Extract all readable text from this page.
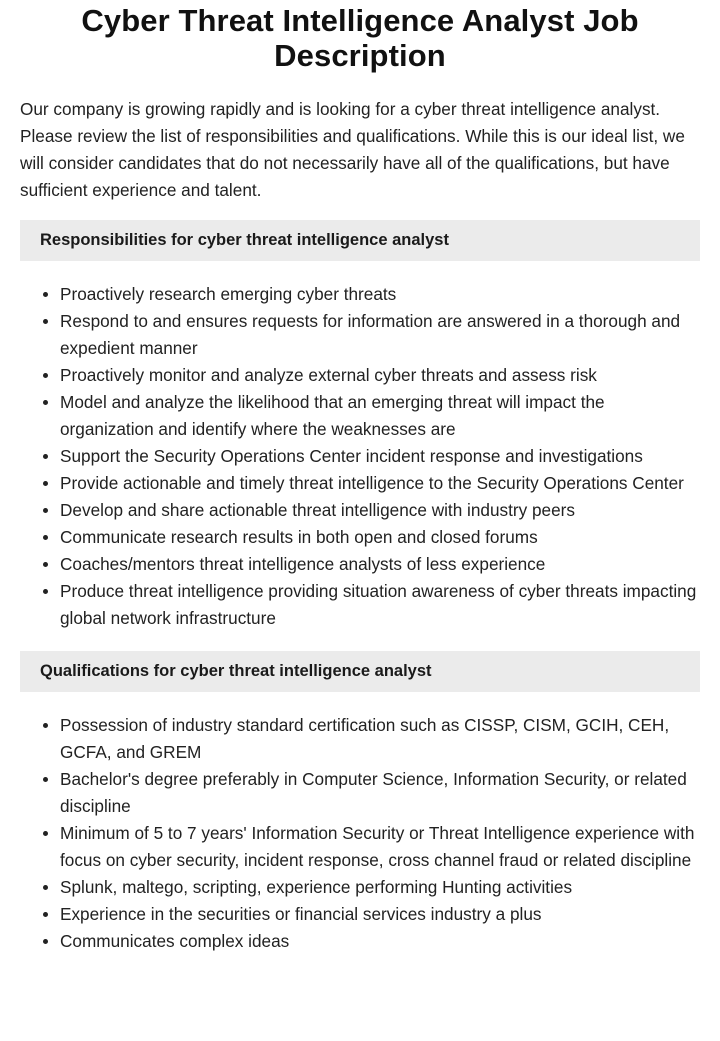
Cyber Threat Intelligence Analyst Job Description

Our company is growing rapidly and is looking for a cyber threat intelligence analyst. Please review the list of responsibilities and qualifications. While this is our ideal list, we will consider candidates that do not necessarily have all of the qualifications, but have sufficient experience and talent.

Responsibilities for cyber threat intelligence analyst
Proactively research emerging cyber threats
Respond to and ensures requests for information are answered in a thorough and expedient manner
Proactively monitor and analyze external cyber threats and assess risk
Model and analyze the likelihood that an emerging threat will impact the organization and identify where the weaknesses are
Support the Security Operations Center incident response and investigations
Provide actionable and timely threat intelligence to the Security Operations Center
Develop and share actionable threat intelligence with industry peers
Communicate research results in both open and closed forums
Coaches/mentors threat intelligence analysts of less experience
Produce threat intelligence providing situation awareness of cyber threats impacting global network infrastructure
Qualifications for cyber threat intelligence analyst
Possession of industry standard certification such as CISSP, CISM, GCIH, CEH, GCFA, and GREM
Bachelor's degree preferably in Computer Science, Information Security, or related discipline
Minimum of 5 to 7 years' Information Security or Threat Intelligence experience with focus on cyber security, incident response, cross channel fraud or related discipline
Splunk, maltego, scripting, experience performing Hunting activities
Experience in the securities or financial services industry a plus
Communicates complex ideas
